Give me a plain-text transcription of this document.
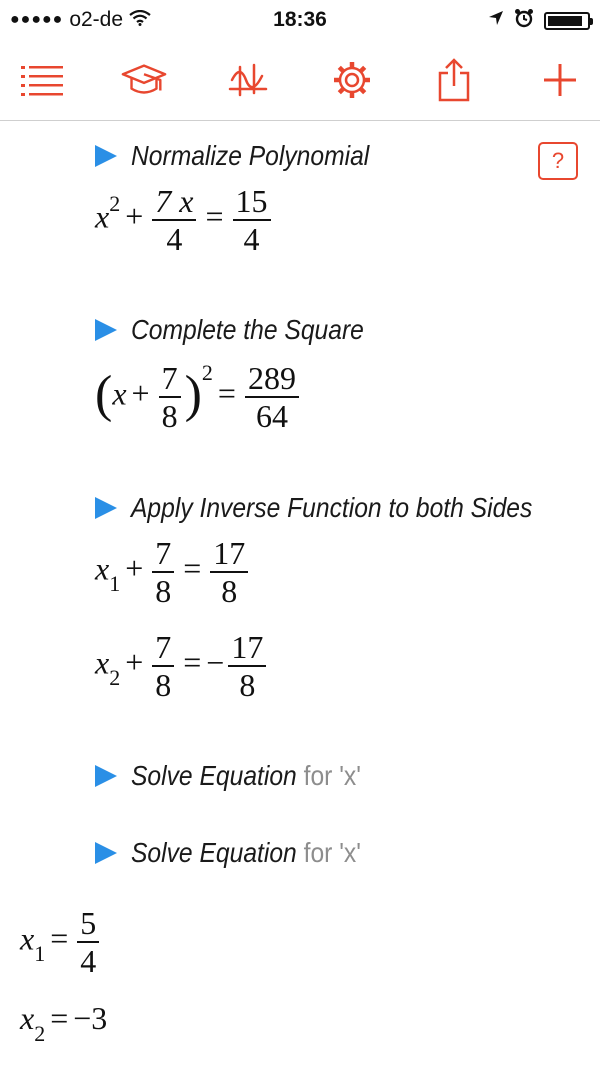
●●●●● o2-de	18:36
?
Normalize Polynomial
$x^2 + \frac{7 x}{4} = \frac{15}{4}$
Complete the Square
$(x + \frac{7}{8} )^2= \frac{289}{64}$
Apply Inverse Function to both Sides
$x_1 + \frac{7}{8} = \frac{17}{8}$
$x_2 + \frac{7}{8}$ = − $\frac{17}{8}$
Solve Equation for 'x'
Solve Equation for 'x'
$x_1 = \frac{5}{4}$
$x_2 = -3$
